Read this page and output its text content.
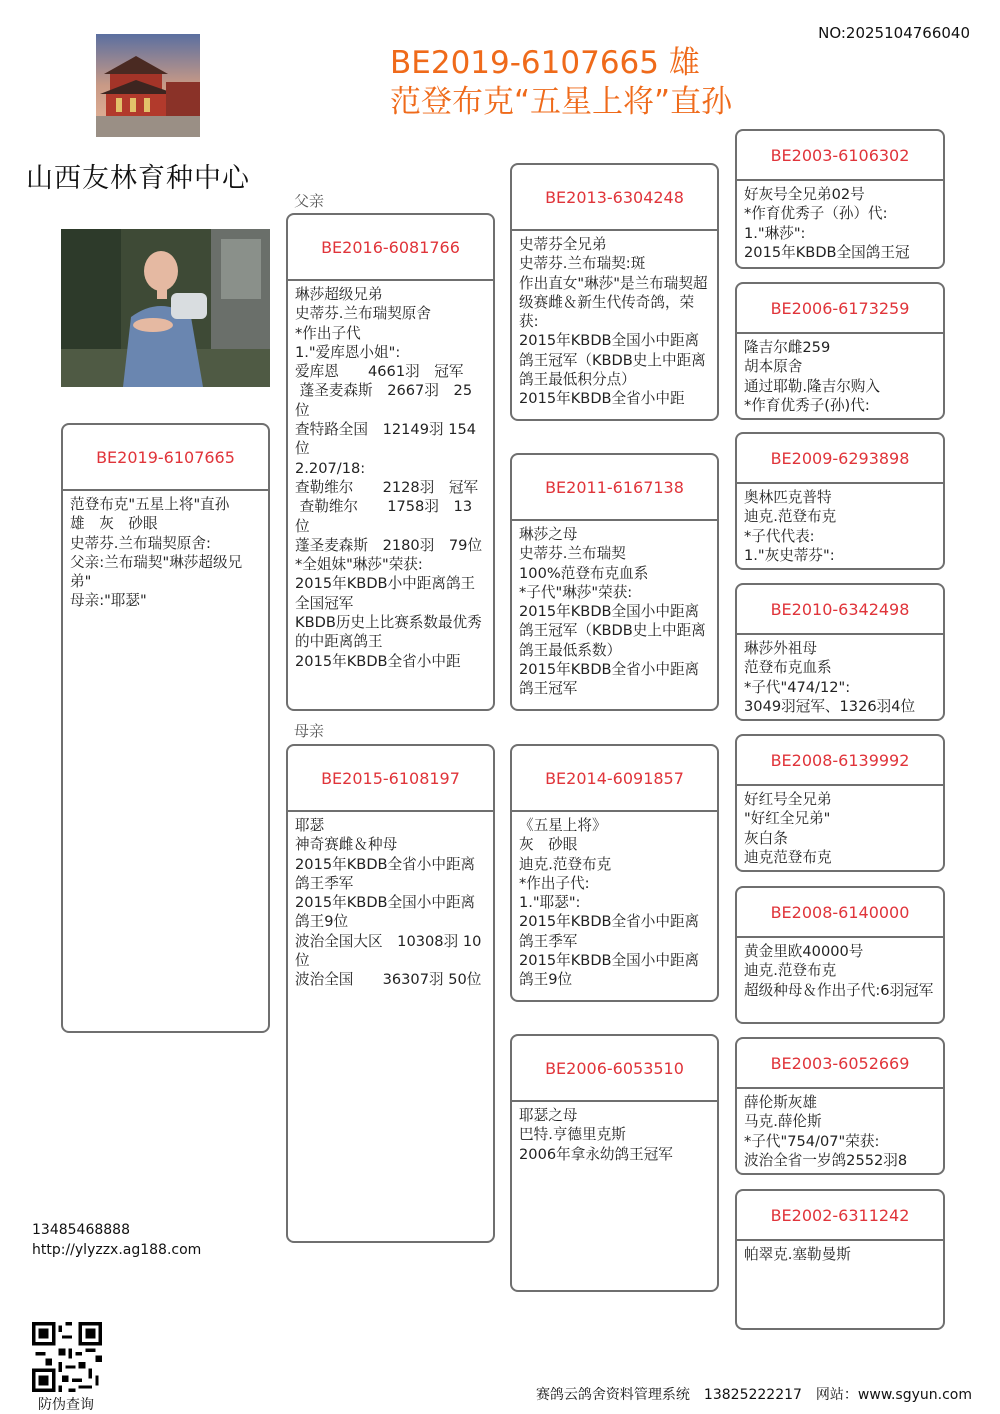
NO:2025104766040
BE2019-6107665 雄
范登布克“五星上将”直孙
山西友林育种中心
父亲
母亲
BE2019-6107665
范登布克"五星上将"直孙
雄　灰　砂眼
史蒂芬.兰布瑞契原舍:
父亲:兰布瑞契"琳莎超级兄弟"
母亲:"耶瑟"
BE2016-6081766
琳莎超级兄弟
史蒂芬.兰布瑞契原舍
*作出子代
1."爱库恩小姐":
爱库恩　　4661羽　冠军
蓬圣麦森斯　2667羽　25位
查特路全国　12149羽 154位
2.207/18:
查勒维尔　　2128羽　冠军
查勒维尔　　1758羽　13位
蓬圣麦森斯　2180羽　79位
*全姐妹"琳莎"荣获:
2015年KBDB小中距离鸽王全国冠军
KBDB历史上比赛系数最优秀的中距离鸽王
2015年KBDB全省小中距
BE2015-6108197
耶瑟
神奇赛雌＆种母
2015年KBDB全省小中距离鸽王季军
2015年KBDB全国小中距离鸽王9位
波治全国大区　10308羽 10位
波治全国　　36307羽 50位
BE2013-6304248
史蒂芬全兄弟
史蒂芬.兰布瑞契:斑
作出直女"琳莎"是兰布瑞契超级赛雌＆新生代传奇鸽，荣获:
2015年KBDB全国小中距离鸽王冠军（KBDB史上中距离鸽王最低积分点）
2015年KBDB全省小中距
BE2011-6167138
琳莎之母
史蒂芬.兰布瑞契
100%范登布克血系
*子代"琳莎"荣获:
2015年KBDB全国小中距离鸽王冠军（KBDB史上中距离鸽王最低系数）
2015年KBDB全省小中距离鸽王冠军
BE2014-6091857
《五星上将》
灰　砂眼
迪克.范登布克
*作出子代:
1."耶瑟":
2015年KBDB全省小中距离鸽王季军
2015年KBDB全国小中距离鸽王9位
BE2006-6053510
耶瑟之母
巴特.亨德里克斯
2006年拿永幼鸽王冠军
BE2003-6106302
好灰号全兄弟02号
*作育优秀子（孙）代:
1."琳莎":
2015年KBDB全国鸽王冠
BE2006-6173259
隆吉尔雌259
胡本原舍
通过耶勒.隆吉尔购入
*作育优秀子(孙)代:
BE2009-6293898
奥林匹克普特
迪克.范登布克
*子代代表:
1."灰史蒂芬":
BE2010-6342498
琳莎外祖母
范登布克血系
*子代"474/12":
3049羽冠军、1326羽4位
BE2008-6139992
好红号全兄弟
"好红全兄弟"
灰白条
迪克范登布克
BE2008-6140000
黄金里欧40000号
迪克.范登布克
超级种母＆作出子代:6羽冠军
BE2003-6052669
薛伦斯灰雄
马克.薛伦斯
*子代"754/07"荣获:
波治全省一岁鸽2552羽8
BE2002-6311242
帕翠克.塞勒曼斯
13485468888
http://ylyzzx.ag188.com
防伪查询
赛鸽云鸽舍资料管理系统　13825222217　网站：www.sgyun.com
